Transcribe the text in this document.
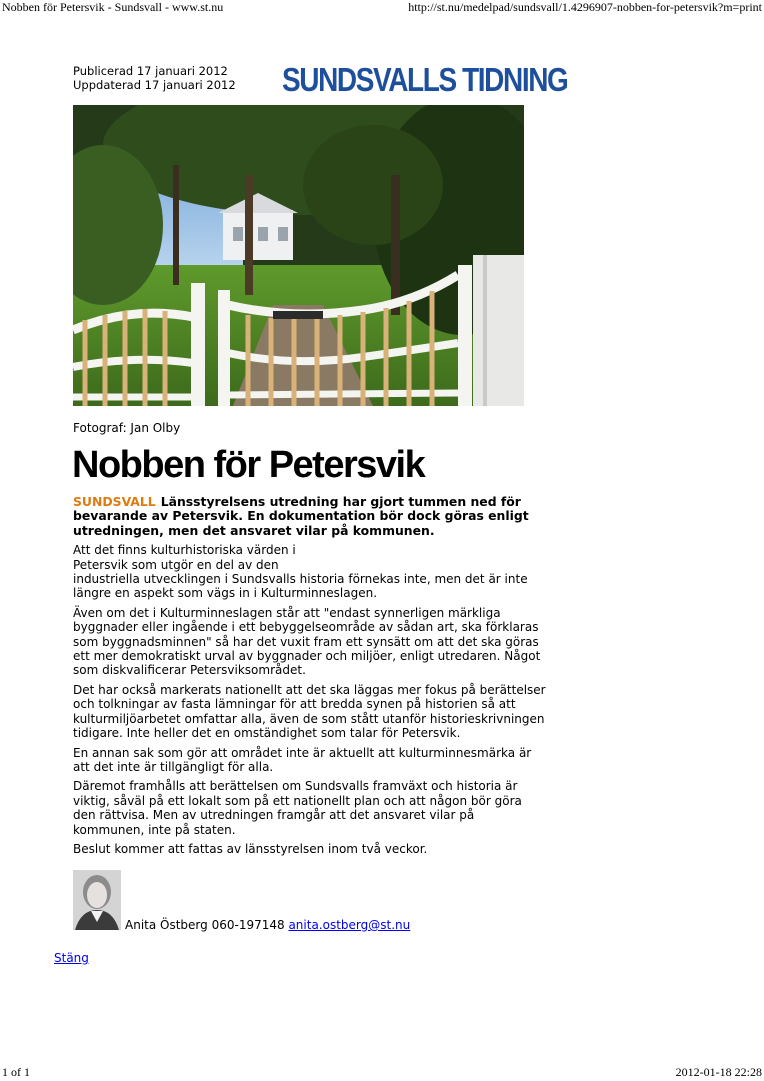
Nobben för Petersvik - Sundsvall - www.st.nu	http://st.nu/medelpad/sundsvall/1.4296907-nobben-for-petersvik?m=print
Publicerad 17 januari 2012
Uppdaterad 17 januari 2012 SUNDSVALLS TIDNING
Fotograf: Jan Olby
Nobben för Petersvik

SUNDSVALL Länsstyrelsens utredning har gjort tummen ned för bevarande av Petersvik. En dokumentation bör dock göras enligt utredningen, men det ansvaret vilar på kommunen.

Att det finns kulturhistoriska värden i
Petersvik som utgör en del av den
industriella utvecklingen i Sundsvalls historia förnekas inte, men det är inte längre en aspekt som vägs in i Kulturminneslagen.

Även om det i Kulturminneslagen står att "endast synnerligen märkliga byggnader eller ingående i ett bebyggelseområde av sådan art, ska förklaras som byggnadsminnen" så har det vuxit fram ett synsätt om att det ska göras ett mer demokratiskt urval av byggnader och miljöer, enligt utredaren. Något som diskvalificerar Petersviksområdet.

Det har också markerats nationellt att det ska läggas mer fokus på berättelser och tolkningar av fasta lämningar för att bredda synen på historien så att kulturmiljöarbetet omfattar alla, även de som stått utanför historieskrivningen tidigare. Inte heller det en omständighet som talar för Petersvik.

En annan sak som gör att området inte är aktuellt att kulturminnesmärka är att det inte är tillgängligt för alla.

Däremot framhålls att berättelsen om Sundsvalls framväxt och historia är viktig, såväl på ett lokalt som på ett nationellt plan och att någon bör göra den rättvisa. Men av utredningen framgår att det ansvaret vilar på kommunen, inte på staten.

Beslut kommer att fattas av länsstyrelsen inom två veckor.

Anita Östberg 060-197148 anita.ostberg@st.nu
Stäng
1 of 1	2012-01-18 22:28
